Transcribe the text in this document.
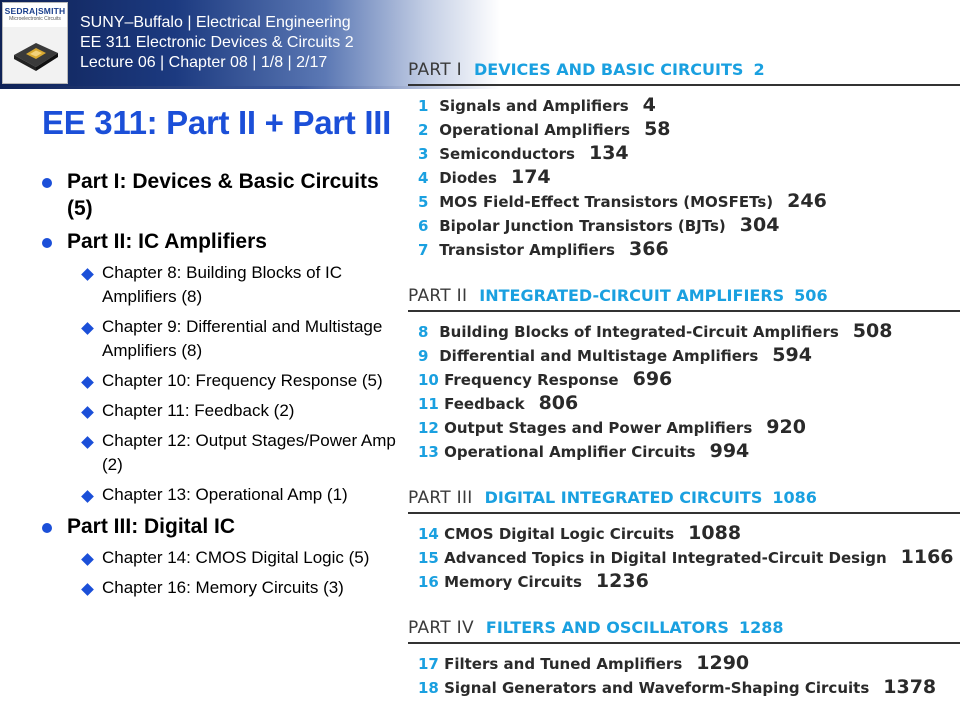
SEDRA|SMITH
Microelectronic Circuits	SUNY–Buffalo | Electrical Engineering
EE 311 Electronic Devices & Circuits 2
Lecture 06 | Chapter 08 | 1/8 | 2/17
EE 311: Part II + Part III
Part I: Devices & Basic Circuits (5)
Part II: IC Amplifiers
Chapter 8: Building Blocks of IC Amplifiers (8)
Chapter 9: Differential and Multistage Amplifiers (8)
Chapter 10: Frequency Response (5)
Chapter 11: Feedback (2)
Chapter 12: Output Stages/Power Amp (2)
Chapter 13: Operational Amp (1)
Part III: Digital IC
Chapter 14: CMOS Digital Logic (5)
Chapter 16: Memory Circuits (3)
PART I DEVICES AND BASIC CIRCUITS 2
1 Signals and Amplifiers 4
2 Operational Amplifiers 58
3 Semiconductors 134
4 Diodes 174
5 MOS Field-Effect Transistors (MOSFETs) 246
6 Bipolar Junction Transistors (BJTs) 304
7 Transistor Amplifiers 366
PART II INTEGRATED-CIRCUIT AMPLIFIERS 506
8 Building Blocks of Integrated-Circuit Amplifiers 508
9 Differential and Multistage Amplifiers 594
10 Frequency Response 696
11 Feedback 806
12 Output Stages and Power Amplifiers 920
13 Operational Amplifier Circuits 994
PART III DIGITAL INTEGRATED CIRCUITS 1086
14 CMOS Digital Logic Circuits 1088
15 Advanced Topics in Digital Integrated-Circuit Design 1166
16 Memory Circuits 1236
PART IV FILTERS AND OSCILLATORS 1288
17 Filters and Tuned Amplifiers 1290
18 Signal Generators and Waveform-Shaping Circuits 1378
